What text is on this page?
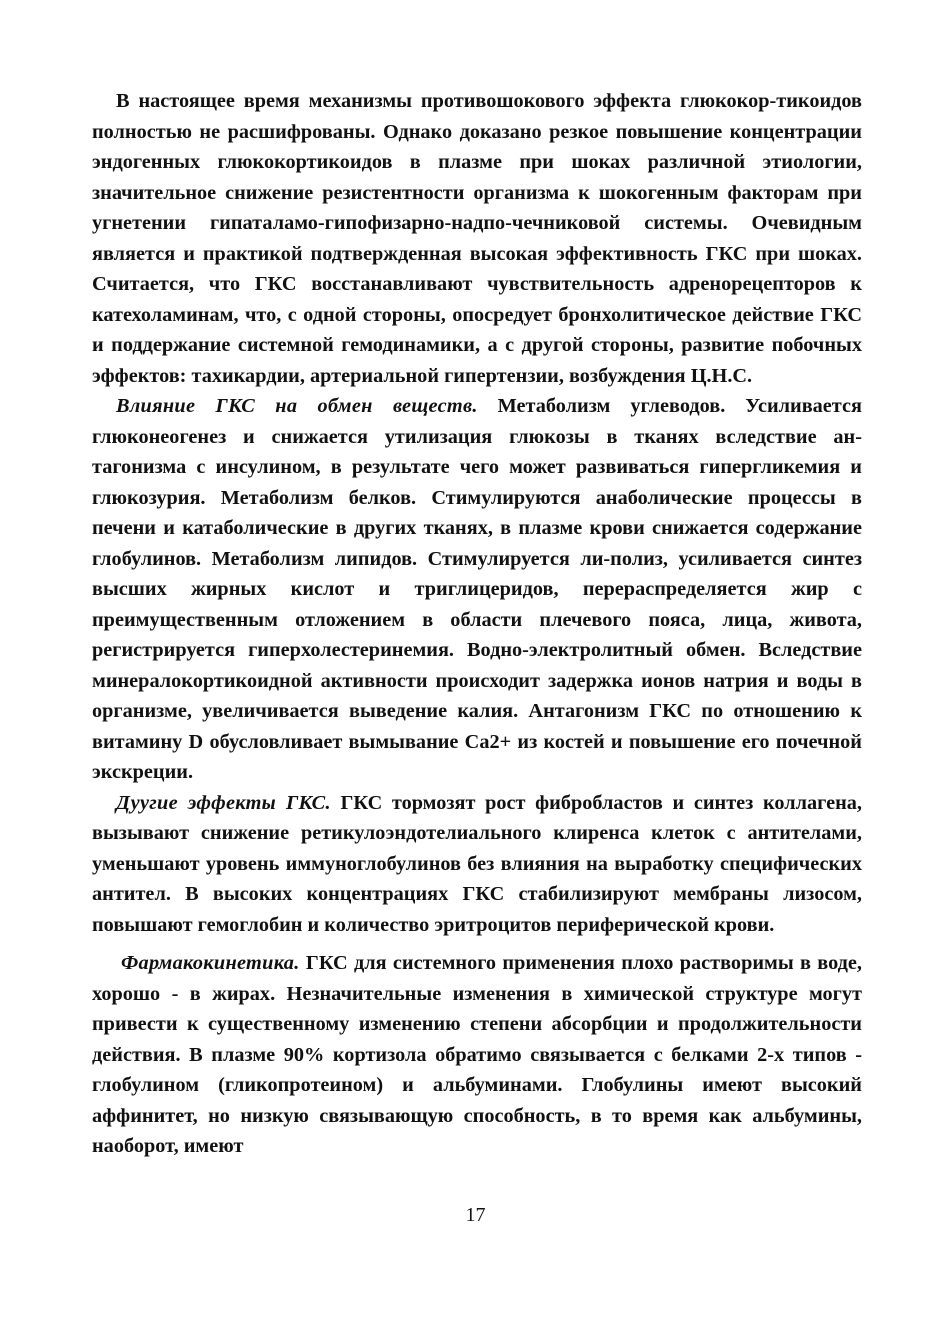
В настоящее время механизмы противошокового эффекта глюкокор-тикоидов полностью не расшифрованы. Однако доказано резкое повышение концентрации эндогенных глюкокортикоидов в плазме при шоках различной этиологии, значительное снижение резистентности организма к шокогенным факторам при угнетении гипаталамо-гипофизарно-надпо-чечниковой системы. Очевидным является и практикой подтвержденная высокая эффективность ГКС при шоках. Считается, что ГКС восстанавливают чувствительность адренорецепторов к катехоламинам, что, с одной стороны, опосредует бронхолитическое действие ГКС и поддержание системной гемодинамики, а с другой стороны, развитие побочных эффектов: тахикардии, артериальной гипертензии, возбуждения Ц.Н.С.

Влияние ГКС на обмен веществ. Метаболизм углеводов. Усиливается глюконеогенез и снижается утилизация глюкозы в тканях вследствие ан-тагонизма с инсулином, в результате чего может развиваться гипергликемия и глюкозурия. Метаболизм белков. Стимулируются анаболические процессы в печени и катаболические в других тканях, в плазме крови снижается содержание глобулинов. Метаболизм липидов. Стимулируется ли-полиз, усиливается синтез высших жирных кислот и триглицеридов, перераспределяется жир с преимущественным отложением в области плечевого пояса, лица, живота, регистрируется гиперхолестеринемия. Водно-электролитный обмен. Вследствие минералокортикоидной активности происходит задержка ионов натрия и воды в организме, увеличивается выведение калия. Антагонизм ГКС по отношению к витамину D обусловливает вымывание Са2+ из костей и повышение его почечной экскреции.

Дуугие эффекты ГКС. ГКС тормозят рост фибробластов и синтез коллагена, вызывают снижение ретикулоэндотелиального клиренса клеток с антителами, уменьшают уровень иммуноглобулинов без влияния на выработку специфических антител. В высоких концентрациях ГКС стабилизируют мембраны лизосом, повышают гемоглобин и количество эритроцитов периферической крови.

Фармакокинетика. ГКС для системного применения плохо растворимы в воде, хорошо - в жирах. Незначительные изменения в химической структуре могут привести к существенному изменению степени абсорбции и продолжительности действия. В плазме 90% кортизола обратимо связывается с белками 2-х типов - глобулином (гликопротеином) и альбуминами. Глобулины имеют высокий аффинитет, но низкую связывающую способность, в то время как альбумины, наоборот, имеют

17
